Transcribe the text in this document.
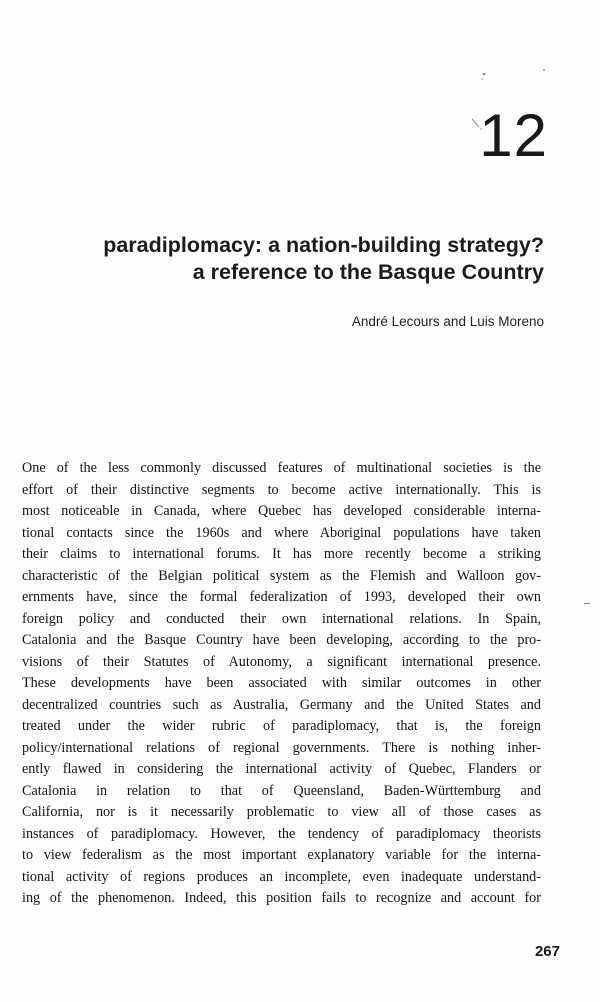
12
paradiplomacy: a nation-building strategy?
a reference to the Basque Country
André Lecours and Luis Moreno
One of the less commonly discussed features of multinational societies is the
effort of their distinctive segments to become active internationally. This is
most noticeable in Canada, where Quebec has developed considerable interna-
tional contacts since the 1960s and where Aboriginal populations have taken
their claims to international forums. It has more recently become a striking
characteristic of the Belgian political system as the Flemish and Walloon gov-
ernments have, since the formal federalization of 1993, developed their own
foreign policy and conducted their own international relations. In Spain,
Catalonia and the Basque Country have been developing, according to the pro-
visions of their Statutes of Autonomy, a significant international presence.
These developments have been associated with similar outcomes in other
decentralized countries such as Australia, Germany and the United States and
treated under the wider rubric of paradiplomacy, that is, the foreign
policy/international relations of regional governments. There is nothing inher-
ently flawed in considering the international activity of Quebec, Flanders or
Catalonia in relation to that of Queensland, Baden-Württemburg and
California, nor is it necessarily problematic to view all of those cases as
instances of paradiplomacy. However, the tendency of paradiplomacy theorists
to view federalism as the most important explanatory variable for the interna-
tional activity of regions produces an incomplete, even inadequate understand-
ing of the phenomenon. Indeed, this position fails to recognize and account for
267
